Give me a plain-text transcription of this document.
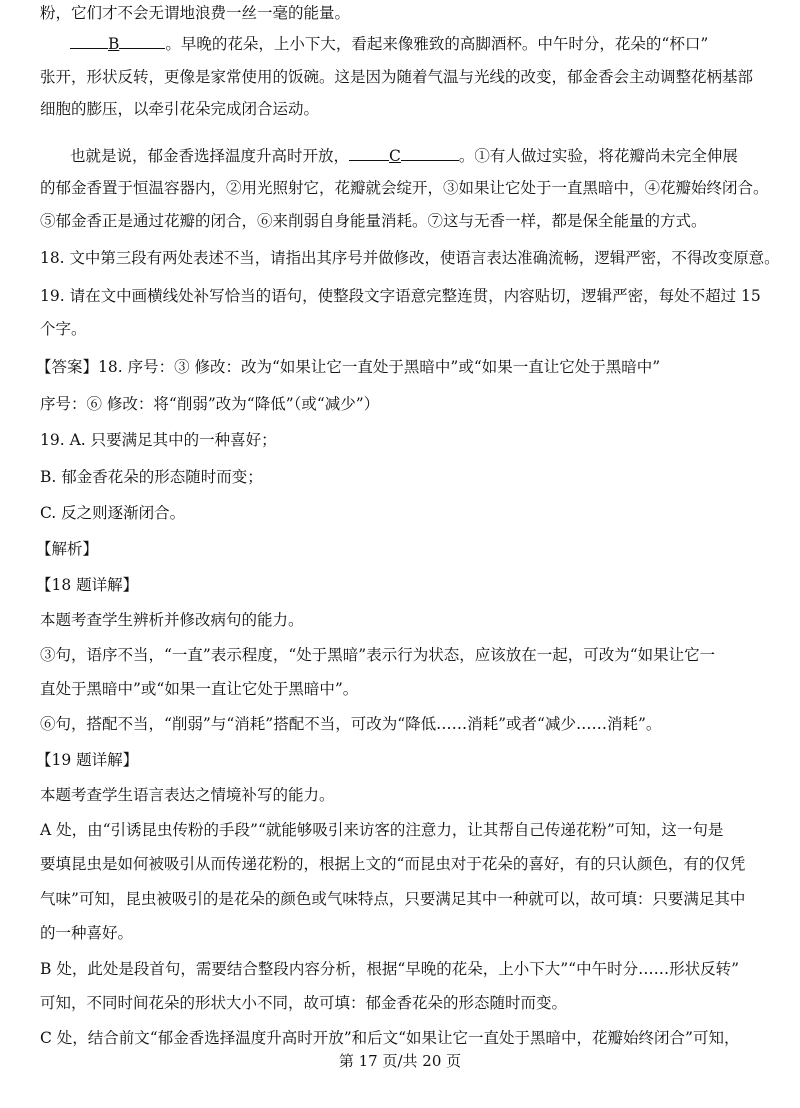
粉，它们才不会无谓地浪费一丝一毫的能量。
B	。早晚的花朵，上小下大，看起来像雅致的高脚酒杯。中午时分，花朵的“杯口”
张开，形状反转，更像是家常使用的饭碗。这是因为随着气温与光线的改变，郁金香会主动调整花柄基部
细胞的膨压，以牵引花朵完成闭合运动。
也就是说，郁金香选择温度升高时开放，	C	。①有人做过实验，将花瓣尚未完全伸展
的郁金香置于恒温容器内，②用光照射它，花瓣就会绽开，③如果让它处于一直黑暗中，④花瓣始终闭合。
⑤郁金香正是通过花瓣的闭合，⑥来削弱自身能量消耗。⑦这与无香一样，都是保全能量的方式。
18. 文中第三段有两处表述不当，请指出其序号并做修改，使语言表达准确流畅，逻辑严密，不得改变原意。
19. 请在文中画横线处补写恰当的语句，使整段文字语意完整连贯，内容贴切，逻辑严密，每处不超过 15
个字。
【答案】18. 序号：③ 修改：改为“如果让它一直处于黑暗中”或“如果一直让它处于黑暗中”
序号：⑥ 修改：将“削弱”改为“降低”（或“减少”）
19. A. 只要满足其中的一种喜好；
B. 郁金香花朵的形态随时而变；
C. 反之则逐渐闭合。
【解析】
【18 题详解】
本题考查学生辨析并修改病句的能力。
③句，语序不当，“一直”表示程度，“处于黑暗”表示行为状态，应该放在一起，可改为“如果让它一
直处于黑暗中”或“如果一直让它处于黑暗中”。
⑥句，搭配不当，“削弱”与“消耗”搭配不当，可改为“降低……消耗”或者“减少……消耗”。
【19 题详解】
本题考查学生语言表达之情境补写的能力。
A 处，由“引诱昆虫传粉的手段”“就能够吸引来访客的注意力，让其帮自己传递花粉”可知，这一句是
要填昆虫是如何被吸引从而传递花粉的，根据上文的“而昆虫对于花朵的喜好，有的只认颜色，有的仅凭
气味”可知，昆虫被吸引的是花朵的颜色或气味特点，只要满足其中一种就可以，故可填：只要满足其中
的一种喜好。
B 处，此处是段首句，需要结合整段内容分析，根据“早晚的花朵，上小下大”“中午时分……形状反转”
可知，不同时间花朵的形状大小不同，故可填：郁金香花朵的形态随时而变。
C 处，结合前文“郁金香选择温度升高时开放”和后文“如果让它一直处于黑暗中，花瓣始终闭合”可知，
第 17 页/共 20 页
